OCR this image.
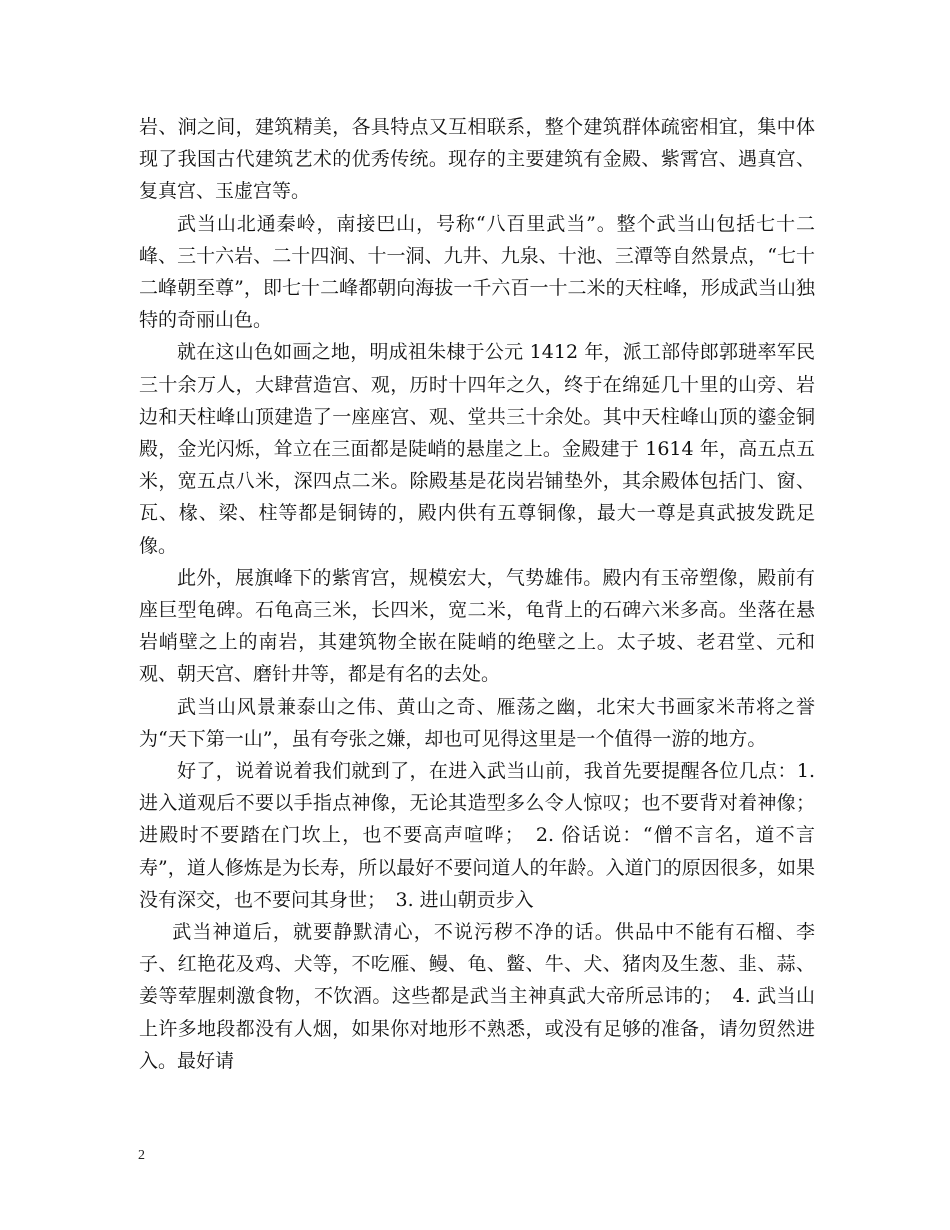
岩、涧之间，建筑精美，各具特点又互相联系，整个建筑群体疏密相宜，集中体现了我国古代建筑艺术的优秀传统。现存的主要建筑有金殿、紫霄宫、遇真宫、复真宫、玉虚宫等。

武当山北通秦岭，南接巴山，号称“八百里武当”。整个武当山包括七十二峰、三十六岩、二十四涧、十一洞、九井、九泉、十池、三潭等自然景点，“七十二峰朝至尊”，即七十二峰都朝向海拔一千六百一十二米的天柱峰，形成武当山独特的奇丽山色。

就在这山色如画之地，明成祖朱棣于公元 1412 年，派工部侍郎郭琎率军民三十余万人，大肆营造宫、观，历时十四年之久，终于在绵延几十里的山旁、岩边和天柱峰山顶建造了一座座宫、观、堂共三十余处。其中天柱峰山顶的鎏金铜殿，金光闪烁，耸立在三面都是陡峭的悬崖之上。金殿建于 1614 年，高五点五米，宽五点八米，深四点二米。除殿基是花岗岩铺垫外，其余殿体包括门、窗、瓦、椽、梁、柱等都是铜铸的，殿内供有五尊铜像，最大一尊是真武披发跣足像。

此外，展旗峰下的紫宵宫，规模宏大，气势雄伟。殿内有玉帝塑像，殿前有座巨型龟碑。石龟高三米，长四米，宽二米，龟背上的石碑六米多高。坐落在悬岩峭壁之上的南岩，其建筑物全嵌在陡峭的绝壁之上。太子坡、老君堂、元和观、朝天宫、磨针井等，都是有名的去处。

武当山风景兼泰山之伟、黄山之奇、雁荡之幽，北宋大书画家米芾将之誉为“天下第一山”，虽有夸张之嫌，却也可见得这里是一个值得一游的地方。

好了，说着说着我们就到了，在进入武当山前，我首先要提醒各位几点：1. 进入道观后不要以手指点神像，无论其造型多么令人惊叹；也不要背对着神像；进殿时不要踏在门坎上，也不要高声喧哗；　2. 俗话说：“僧不言名，道不言寿”，道人修炼是为长寿，所以最好不要问道人的年龄。入道门的原因很多，如果没有深交，也不要问其身世；　3. 进山朝贡步入

武当神道后，就要静默清心，不说污秽不净的话。供品中不能有石榴、李子、红艳花及鸡、犬等，不吃雁、鳗、龟、鳖、牛、犬、猪肉及生葱、韭、蒜、姜等荤腥刺激食物，不饮酒。这些都是武当主神真武大帝所忌讳的；　4. 武当山上许多地段都没有人烟，如果你对地形不熟悉，或没有足够的准备，请勿贸然进入。最好请

2
